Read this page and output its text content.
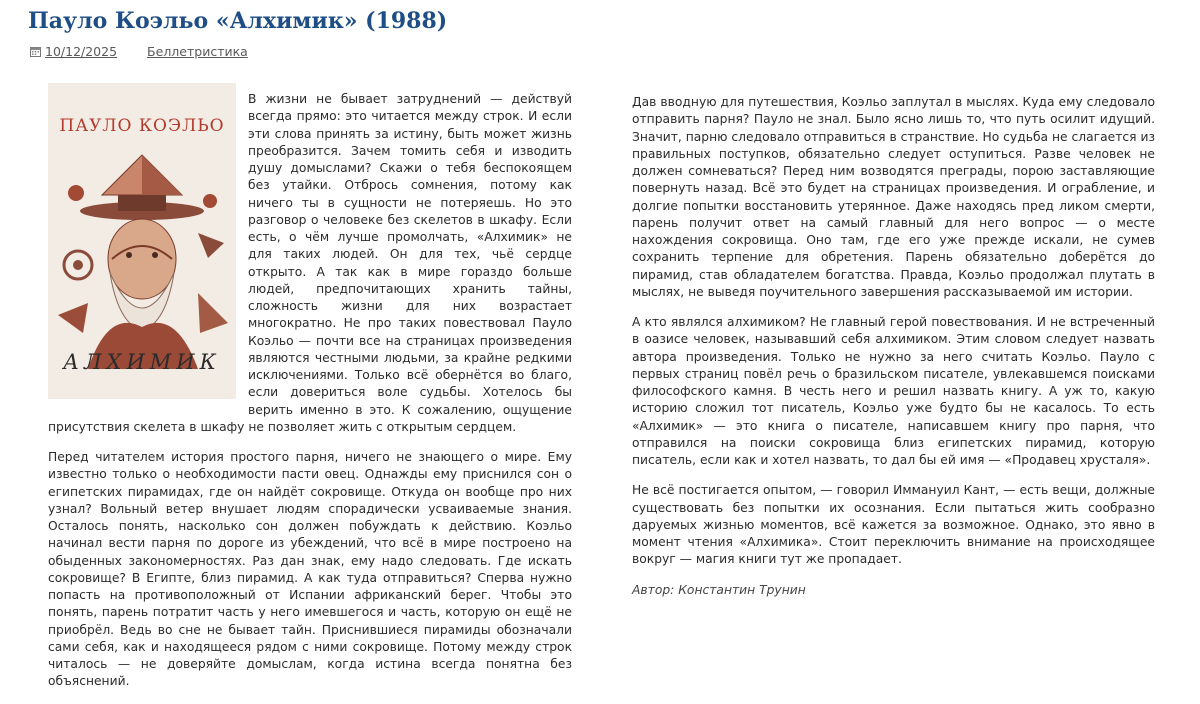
Пауло Коэльо «Алхимик» (1988)
10/12/2025 Беллетристика
ПАУЛО КОЭЛЬО
АЛХИМИК

В жизни не бывает затруднений — действуй всегда прямо: это читается между строк. И если эти слова принять за истину, быть может жизнь преобразится. Зачем томить себя и изводить душу домыслами? Скажи о тебя беспокоящем без утайки. Отбрось сомнения, потому как ничего ты в сущности не потеряешь. Но это разговор о человеке без скелетов в шкафу. Если есть, о чём лучше промолчать, «Алхимик» не для таких людей. Он для тех, чьё сердце открыто. А так как в мире гораздо больше людей, предпочитающих хранить тайны, сложность жизни для них возрастает многократно. Не про таких повествовал Пауло Коэльо — почти все на страницах произведения являются честными людьми, за крайне редкими исключениями. Только всё обернётся во благо, если довериться воле судьбы. Хотелось бы верить именно в это. К сожалению, ощущение присутствия скелета в шкафу не позволяет жить с открытым сердцем.

Перед читателем история простого парня, ничего не знающего о мире. Ему известно только о необходимости пасти овец. Однажды ему приснился сон о египетских пирамидах, где он найдёт сокровище. Откуда он вообще про них узнал? Вольный ветер внушает людям спорадически усваиваемые знания. Осталось понять, насколько сон должен побуждать к действию. Коэльо начинал вести парня по дороге из убеждений, что всё в мире построено на обыденных закономерностях. Раз дан знак, ему надо следовать. Где искать сокровище? В Египте, близ пирамид. А как туда отправиться? Сперва нужно попасть на противоположный от Испании африканский берег. Чтобы это понять, парень потратит часть у него имевшегося и часть, которую он ещё не приобрёл. Ведь во сне не бывает тайн. Приснившиеся пирамиды обозначали сами себя, как и находящееся рядом с ними сокровище. Потому между строк читалось — не доверяйте домыслам, когда истина всегда понятна без объяснений.

Дав вводную для путешествия, Коэльо заплутал в мыслях. Куда ему следовало отправить парня? Пауло не знал. Было ясно лишь то, что путь осилит идущий. Значит, парню следовало отправиться в странствие. Но судьба не слагается из правильных поступков, обязательно следует оступиться. Разве человек не должен сомневаться? Перед ним возводятся преграды, порою заставляющие повернуть назад. Всё это будет на страницах произведения. И ограбление, и долгие попытки восстановить утерянное. Даже находясь пред ликом смерти, парень получит ответ на самый главный для него вопрос — о месте нахождения сокровища. Оно там, где его уже прежде искали, не сумев сохранить терпение для обретения. Парень обязательно доберётся до пирамид, став обладателем богатства. Правда, Коэльо продолжал плутать в мыслях, не выведя поучительного завершения рассказываемой им истории.

А кто являлся алхимиком? Не главный герой повествования. И не встреченный в оазисе человек, называвший себя алхимиком. Этим словом следует назвать автора произведения. Только не нужно за него считать Коэльо. Пауло с первых страниц повёл речь о бразильском писателе, увлекавшемся поисками философского камня. В честь него и решил назвать книгу. А уж то, какую историю сложил тот писатель, Коэльо уже будто бы не касалось. То есть «Алхимик» — это книга о писателе, написавшем книгу про парня, что отправился на поиски сокровища близ египетских пирамид, которую писатель, если как и хотел назвать, то дал бы ей имя — «Продавец хрусталя».

Не всё постигается опытом, — говорил Иммануил Кант, — есть вещи, должные существовать без попытки их осознания. Если пытаться жить сообразно даруемых жизнью моментов, всё кажется за возможное. Однако, это явно в момент чтения «Алхимика». Стоит переключить внимание на происходящее вокруг — магия книги тут же пропадает.

Автор: Константин Трунин
